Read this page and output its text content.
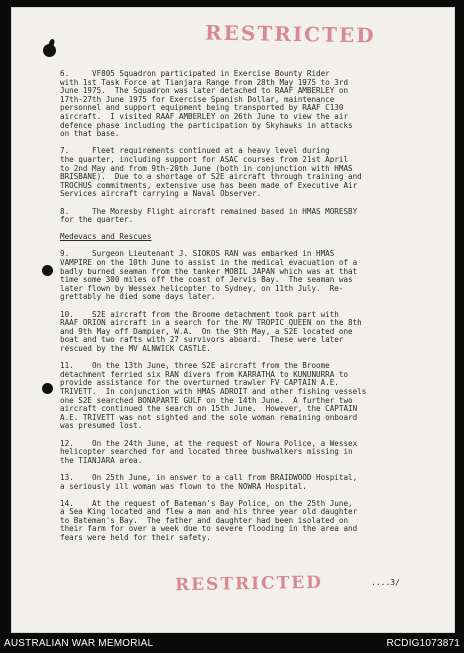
RESTRICTED

6.     VF805 Squadron participated in Exercise Bounty Rider
with 1st Task Force at Tianjara Range from 28th May 1975 to 3rd
June 1975.  The Squadron was later detached to RAAF AMBERLEY on
17th-27th June 1975 for Exercise Spanish Dollar, maintenance
personnel and support equipment being transported by RAAF C130
aircraft.  I visited RAAF AMBERLEY on 26th June to view the air
defence phase including the participation by Skyhawks in attacks
on that base.

7.     Fleet requirements continued at a heavy level during
the quarter, including support for ASAC courses from 21st April
to 2nd May and from 9th-20th June (both in conjunction with HMAS
BRISBANE).  Due to a shortage of S2E aircraft through training and
TROCHUS commitments, extensive use has been made of Executive Air
Services aircraft carrying a Naval Observer.

8.     The Moresby Flight aircraft remained based in HMAS MORESBY
for the quarter.

Medevacs and Rescues

9.     Surgeon Lieutenant J. SIOKOS RAN was embarked in HMAS
VAMPIRE on the 10th June to assist in the medical evacuation of a
badly burned seaman from the tanker MOBIL JAPAN which was at that
time some 300 miles off the coast of Jervis Bay.  The seaman was
later flown by Wessex helicopter to Sydney, on 11th July.  Re-
grettably he died some days later.

10.    S2E aircraft from the Broome detachment took part with
RAAF ORION aircraft in a search for the MV TROPIC QUEEN on the 8th
and 9th May off Dampier, W.A.  On the 9th May, a S2E located one
boat and two rafts with 27 survivors aboard.  These were later
rescued by the MV ALNWICK CASTLE.

11.    On the 13th June, three S2E aircraft from the Broome
detachment ferried six RAN divers from KARRATHA to KUNUNURRA to
provide assistance for the overturned trawler FV CAPTAIN A.E.
TRIVETT.  In conjunction with HMAS ADROIT and other fishing vessels
one S2E searched BONAPARTE GULF on the 14th June.  A further two
aircraft continued the search on 15th June.  However, the CAPTAIN
A.E. TRIVETT was not sighted and the sole woman remaining onboard
was presumed lost.

12.    On the 24th June, at the request of Nowra Police, a Wessex
helicopter searched for and located three bushwalkers missing in
the TIANJARA area.

13.    On 25th June, in answer to a call from BRAIDWOOD Hospital,
a seriously ill woman was flown to the NOWRA Hospital.

14.    At the request of Bateman's Bay Police, on the 25th June,
a Sea King located and flew a man and his three year old daughter
to Bateman's Bay.  The father and daughter had been isolated on
their farm for over a week due to severe flooding in the area and
fears were held for their safety.

....3/
RESTRICTED
AUSTRALIAN WAR MEMORIAL	RCDIG1073871
